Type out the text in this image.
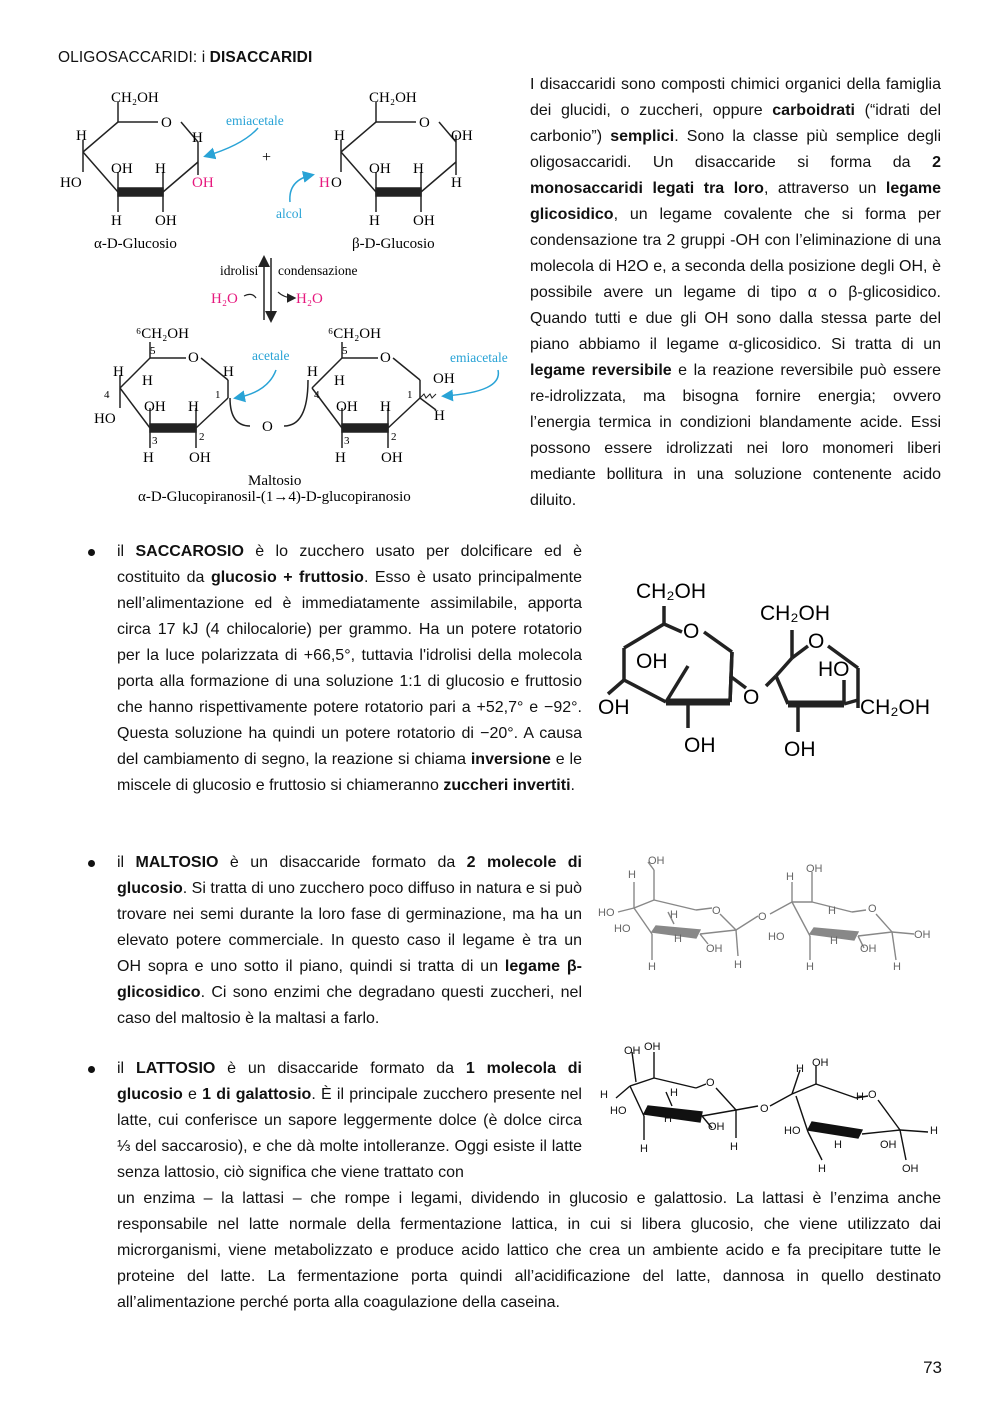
OLIGOSACCARIDI: i DISACCARIDI
I disaccaridi sono composti chimici organici della famiglia dei glucidi, o zuccheri, oppure carboidrati (“idrati del carbonio”) semplici. Sono la classe più semplice degli oligosaccaridi. Un disaccaride si forma da 2 monosaccaridi legati tra loro, attraverso un legame glicosidico, un legame covalente che si forma per condensazione tra 2 gruppi -OH con l’eliminazione di una molecola di H2O e, a seconda della posizione degli OH, è possibile avere un legame di tipo α o β-glicosidico. Quando tutti e due gli OH sono dalla stessa parte del piano abbiamo il legame α-glicosidico. Si tratta di un legame reversibile e la reazione reversibile può essere re-idrolizzata, ma bisogna fornire energia; ovvero l’energia termica in condizioni blandamente acide. Essi possono essere idrolizzati nei loro monomeri liberi mediante bollitura in una soluzione contenente acido diluito.
CH₂OH
O
H
HO
OH H
H
OH
H OH
α-D-Glucosio
emiacetale
+
CH₂OH
O
H
H O
OH H
OH
H
H OH
β-D-Glucosio
alcol
idrolisi condensazione
H₂O	H₂O
⁶CH₂OH
5 O
H
H
4
HO
OH H
H
1
3	2
H OH
O
acetale
⁶CH₂OH
5 O
H
H
4
OH H
1
OH
H
3	2
H OH
emiacetale
Maltosio
α-D-Glucopiranosil-(1→4)-D-glucopiranosio
il SACCAROSIO è lo zucchero usato per dolcificare ed è costituito da glucosio + fruttosio. Esso è usato principalmente nell’alimentazione ed è immediatamente assimilabile, apporta circa 17 kJ (4 chilocalorie) per grammo. Ha un potere rotatorio per la luce polarizzata di +66,5°, tuttavia l'idrolisi della molecola porta alla formazione di una soluzione 1:1 di glucosio e fruttosio che hanno rispettivamente potere rotatorio pari a +52,7° e −92°. Questa soluzione ha quindi un potere rotatorio di −20°. A causa del cambiamento di segno, la reazione si chiama inversione e le miscele di glucosio e fruttosio si chiameranno zuccheri invertiti.
CH₂OH
O
OH
OH
OH
O
CH₂OH
O
HO
CH₂OH
OH
il MALTOSIO è un disaccaride formato da 2 molecole di glucosio. Si tratta di uno zucchero poco diffuso in natura e si può trovare nei semi durante la loro fase di germinazione, ma ha un elevato potere commerciale. In questo caso il legame è tra un OH sopra e uno sotto il piano, quindi si tratta di un legame β-glicosidico. Ci sono enzimi che degradano questi zuccheri, nel caso del maltosio è la maltasi a farlo.
OH
H
HO
HO
H	O
H
OH
H	H
O
OH
H
HO
H	O
H
OH
OH
H	H
il LATTOSIO è un disaccaride formato da 1 molecola di glucosio e 1 di galattosio. È il principale zucchero presente nel latte, cui conferisce un sapore leggermente dolce (è dolce circa ⅓ del saccarosio), e che dà molte intolleranze. Oggi esiste il latte senza lattosio, ciò significa che viene trattato con
un enzima – la lattasi – che rompe i legami, dividendo in glucosio e galattosio. La lattasi è l’enzima anche responsabile nel latte normale della fermentazione lattica, in cui si libera glucosio, che viene utilizzato dai microrganismi, viene metabolizzato e produce acido lattico che crea un ambiente acido e fa precipitare tutte le proteine del latte. La fermentazione porta quindi all’acidificazione del latte, dannosa in quello destinato all’alimentazione perché porta alla coagulazione della caseina.
OH OH
H
HO
H
O
H
OH
H	H
O
OH
H
HO
H O
H	OH
H
H	OH
73
